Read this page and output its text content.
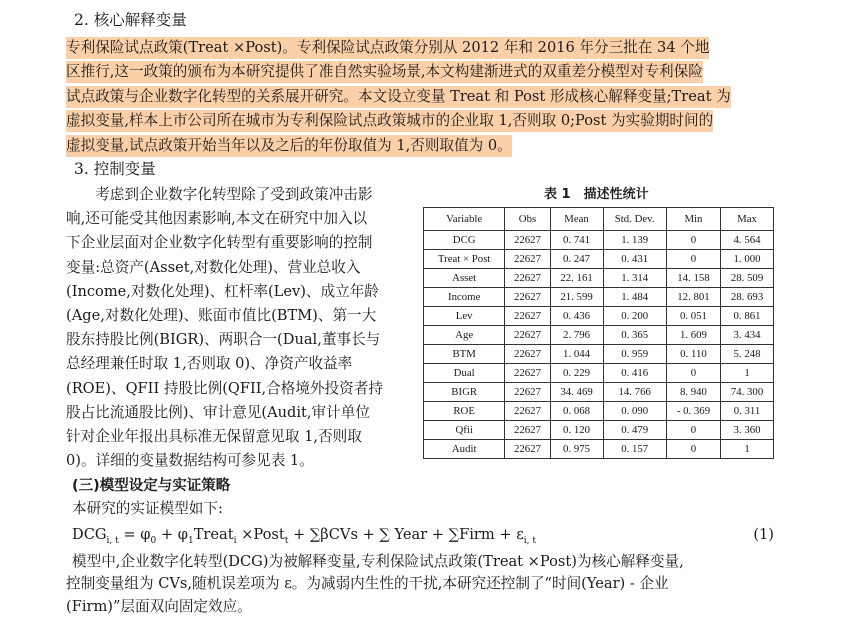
2. 核心解释变量
专利保险试点政策(Treat ×Post)。专利保险试点政策分别从 2012 年和 2016 年分三批在 34 个地
区推行,这一政策的颁布为本研究提供了准自然实验场景,本文构建渐进式的双重差分模型对专利保险
试点政策与企业数字化转型的关系展开研究。本文设立变量 Treat 和 Post 形成核心解释变量;Treat 为
虚拟变量,样本上市公司所在城市为专利保险试点政策城市的企业取 1,否则取 0;Post 为实验期时间的
虚拟变量,试点政策开始当年以及之后的年份取值为 1,否则取值为 0。
3. 控制变量
　　考虑到企业数字化转型除了受到政策冲击影
响,还可能受其他因素影响,本文在研究中加入以
下企业层面对企业数字化转型有重要影响的控制
变量:总资产(Asset,对数化处理)、营业总收入
(Income,对数化处理)、杠杆率(Lev)、成立年龄
(Age,对数化处理)、账面市值比(BTM)、第一大
股东持股比例(BIGR)、两职合一(Dual,董事长与
总经理兼任时取 1,否则取 0)、净资产收益率
(ROE)、QFII 持股比例(QFII,合格境外投资者持
股占比流通股比例)、审计意见(Audit,审计单位
针对企业年报出具标准无保留意见取 1,否则取
0)。详细的变量数据结构可参见表 1。
表 1　描述性统计
Variable	Obs	Mean	Std. Dev.	Min	Max
DCG	22627	0. 741	1. 139	0	4. 564
Treat × Post	22627	0. 247	0. 431	0	1. 000
Asset	22627	22. 161	1. 314	14. 158	28. 509
Income	22627	21. 599	1. 484	12. 801	28. 693
Lev	22627	0. 436	0. 200	0. 051	0. 861
Age	22627	2. 796	0. 365	1. 609	3. 434
BTM	22627	1. 044	0. 959	0. 110	5. 248
Dual	22627	0. 229	0. 416	0	1
BIGR	22627	34. 469	14. 766	8. 940	74. 300
ROE	22627	0. 068	0. 090	- 0. 369	0. 311
Qfii	22627	0. 120	0. 479	0	3. 360
Audit	22627	0. 975	0. 157	0	1
(三)模型设定与实证策略
本研究的实证模型如下:
$DCG_{i, t} = \varphi_0$ + $\varphi_1Treat_i$ ×Post$_t$ + ∑βCVs + ∑ Year + ∑Firm + $\varepsilon_{i, t}$	(1)
模型中,企业数字化转型(DCG)为被解释变量,专利保险试点政策(Treat ×Post)为核心解释变量,
控制变量组为 CVs,随机误差项为 ε。为减弱内生性的干扰,本研究还控制了“时间(Year) - 企业
(Firm)”层面双向固定效应。
